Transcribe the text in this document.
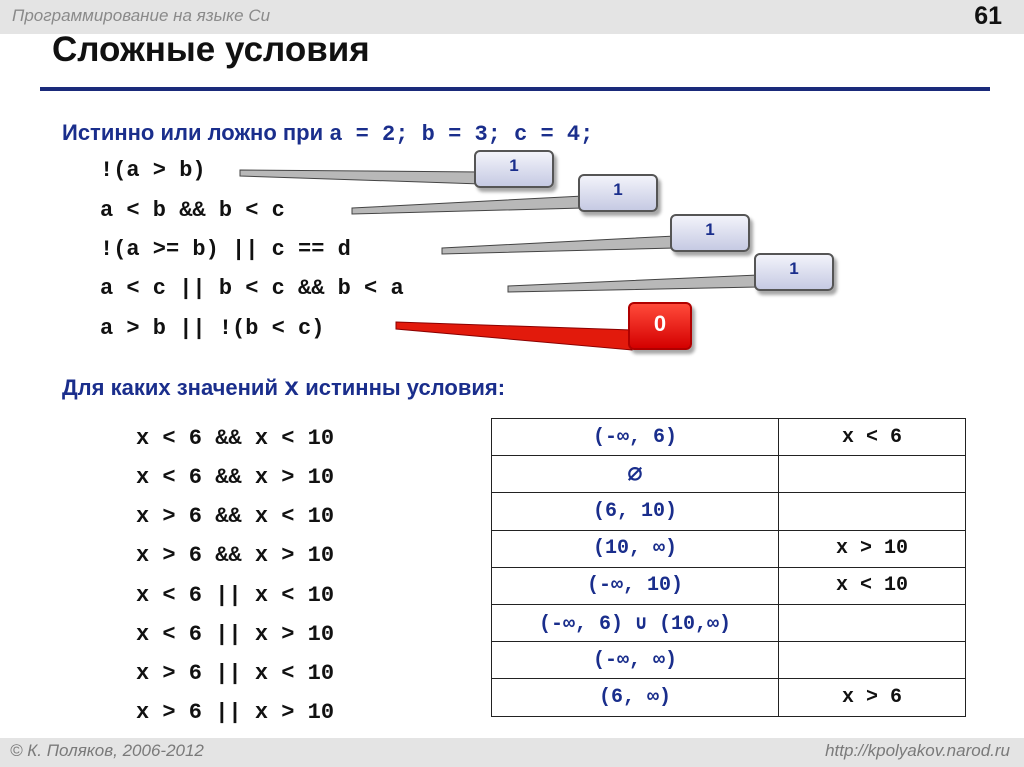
Программирование на языке Си	61
Сложные условия
Истинно или ложно при a = 2; b = 3; c = 4;
!(a > b)
a < b && b < c
!(a >= b) || c == d
a < c || b < c && b < a
a > b || !(b < c)
1
1
1
1
0
Для каких значений x истинны условия:
x < 6 && x < 10
x < 6 && x > 10
x > 6 && x < 10
x > 6 && x > 10
x < 6 || x < 10
x < 6 || x > 10
x > 6 || x < 10
x > 6 || x > 10
(-∞, 6)	x < 6
∅	
(6, 10)	
(10, ∞)	x > 10
(-∞, 10)	x < 10
(-∞, 6) ∪ (10,∞)	
(-∞, ∞)	
(6, ∞)	x > 6
© К. Поляков, 2006-2012	http://kpolyakov.narod.ru
